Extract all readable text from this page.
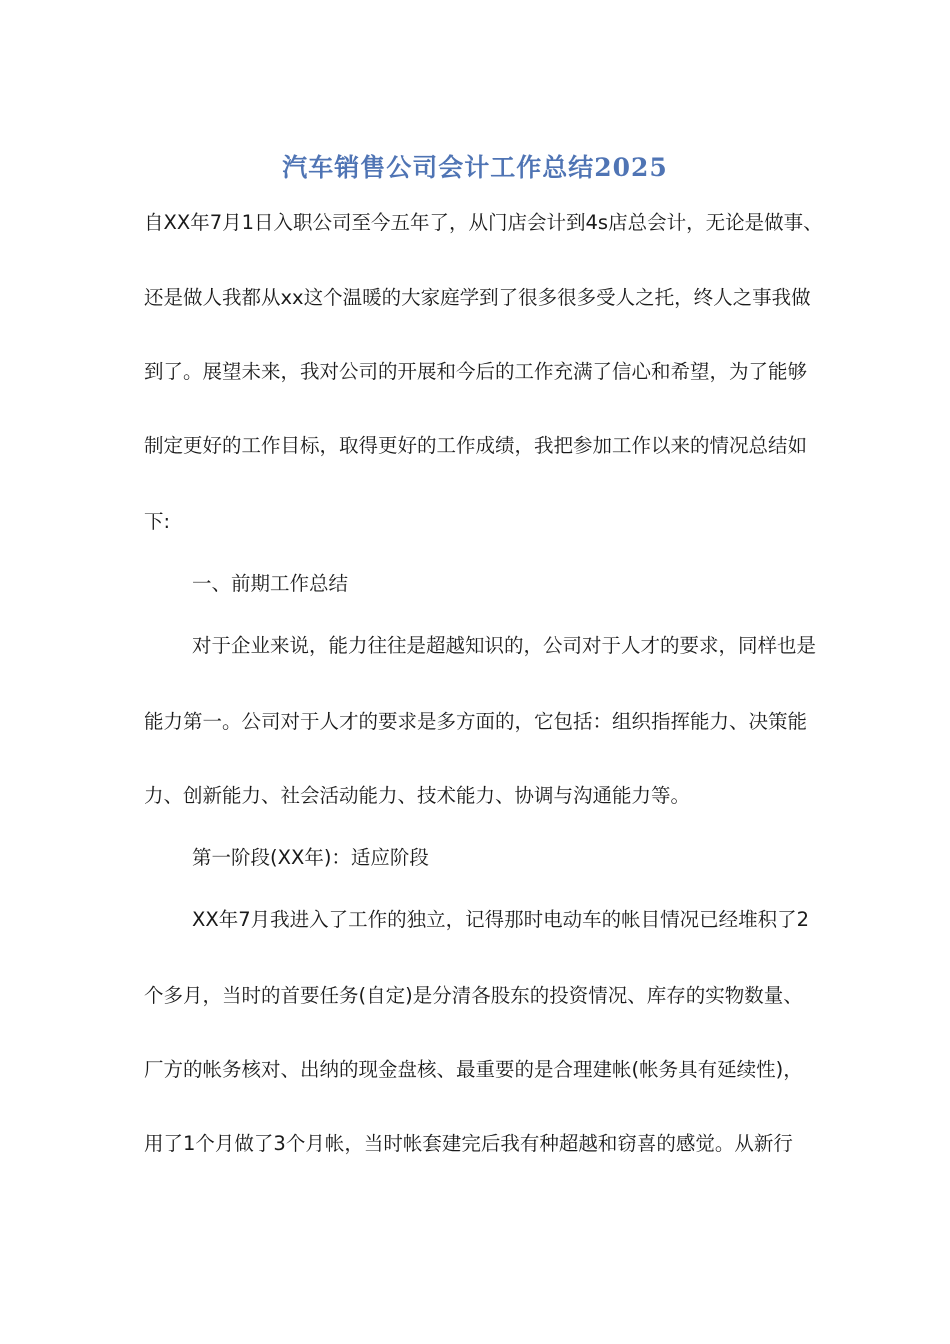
汽车销售公司会计工作总结2025
自XX年7月1日入职公司至今五年了，从门店会计到4s店总会计，无论是做事、
还是做人我都从xx这个温暖的大家庭学到了很多很多受人之托，终人之事我做
到了。展望未来，我对公司的开展和今后的工作充满了信心和希望，为了能够
制定更好的工作目标，取得更好的工作成绩，我把参加工作以来的情况总结如
下:
一、前期工作总结
对于企业来说，能力往往是超越知识的，公司对于人才的要求，同样也是
能力第一。公司对于人才的要求是多方面的，它包括：组织指挥能力、决策能
力、创新能力、社会活动能力、技术能力、协调与沟通能力等。
第一阶段(XX年)：适应阶段
XX年7月我进入了工作的独立，记得那时电动车的帐目情况已经堆积了2
个多月，当时的首要任务(自定)是分清各股东的投资情况、库存的实物数量、
厂方的帐务核对、出纳的现金盘核、最重要的是合理建帐(帐务具有延续性)，
用了1个月做了3个月帐，当时帐套建完后我有种超越和窃喜的感觉。从新行
